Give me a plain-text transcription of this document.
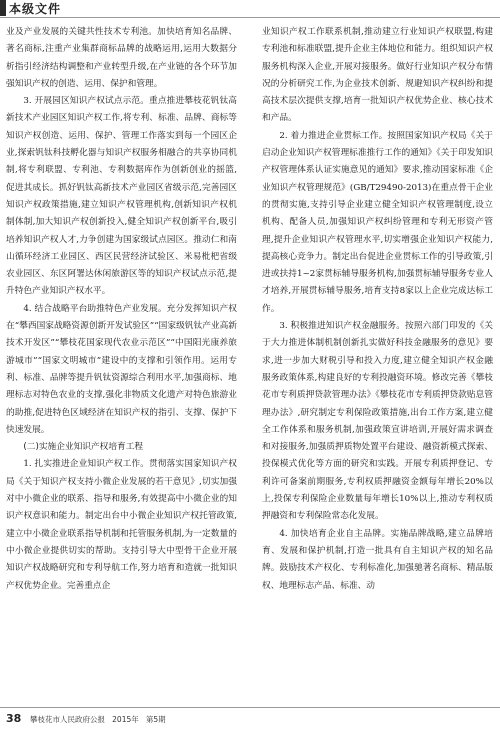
本级文件

业及产业发展的关键共性技术专利池。加快培育知名品牌、著名商标,注重产业集群商标品牌的战略运用,运用大数据分析指引经济结构调整和产业转型升级,在产业链的各个环节加强知识产权的创造、运用、保护和管理。

3. 开展园区知识产权试点示范。重点推进攀枝花钒钛高新技术产业园区知识产权工作,将专利、标准、品牌、商标等知识产权创造、运用、保护、管理工作落实到每一个园区企业,探索钒钛科技孵化器与知识产权服务相融合的共享协同机制,将专利联盟、专利池、专利数据库作为创新创业的摇篮,促进其成长。抓好钒钛高新技术产业园区省级示范,完善园区知识产权政策措施,建立知识产权管理机构,创新知识产权机制体制,加大知识产权创新投入,健全知识产权创新平台,吸引培养知识产权人才,力争创建为国家级试点园区。推动仁和南山循环经济工业园区、西区民营经济试验区、米易枇杷省级农业园区、东区阿署达休闲旅游区等的知识产权试点示范,提升特色产业知识产权水平。

4. 结合战略平台助推特色产业发展。充分发挥知识产权在“攀西国家战略资源创新开发试验区”“国家级钒钛产业高新技术开发区”“攀枝花国家现代农业示范区”“中国阳光康养旅游城市”“国家文明城市”建设中的支撑和引领作用。运用专利、标准、品牌等提升钒钛资源综合利用水平,加强商标、地理标志对特色农业的支撑,强化非物质文化遗产对特色旅游业的助推,促进特色区域经济在知识产权的指引、支撑、保护下快速发展。

(二)实施企业知识产权培育工程

1. 扎实推进企业知识产权工作。贯彻落实国家知识产权局《关于知识产权支持小微企业发展的若干意见》,切实加强对中小微企业的联系、指导和服务,有效提高中小微企业的知识产权意识和能力。制定出台中小微企业知识产权托管政策,建立中小微企业联系指导机制和托管服务机制,为一定数量的中小微企业提供切实的帮助。支持引导大中型骨干企业开展知识产权战略研究和专利导航工作,努力培育和造就一批知识产权优势企业。完善重点企

业知识产权工作联系机制,推动建立行业知识产权联盟,构建专利池和标准联盟,提升企业主体地位和能力。组织知识产权服务机构深入企业,开展对接服务。做好行业知识产权分布情况的分析研究工作,为企业技术创新、规避知识产权纠纷和提高技术层次提供支撑,培育一批知识产权优势企业、核心技术和产品。

2. 着力推进企业贯标工作。按照国家知识产权局《关于启动企业知识产权管理标准推行工作的通知》《关于印发知识产权管理体系认证实施意见的通知》要求,推动国家标准《企业知识产权管理规范》(GB/T29490-2013)在重点骨干企业的贯彻实施,支持引导企业建立健全知识产权管理制度,设立机构、配备人员,加强知识产权纠纷管理和专利无形资产管理,提升企业知识产权管理水平,切实增强企业知识产权能力,提高核心竞争力。制定出台促进企业贯标工作的引导政策,引进或扶持1~2家贯标辅导服务机构,加强贯标辅导服务专业人才培养,开展贯标辅导服务,培育支持8家以上企业完成达标工作。

3. 积极推进知识产权金融服务。按照六部门印发的《关于大力推进体制机制创新扎实做好科技金融服务的意见》要求,进一步加大财税引导和投入力度,建立健全知识产权金融服务政策体系,构建良好的专利投融资环境。修改完善《攀枝花市专利质押贷款管理办法》《攀枝花市专利质押贷款贴息管理办法》,研究制定专利保险政策措施,出台工作方案,建立健全工作体系和服务机制,加强政策宣讲培训,开展好需求调查和对接服务,加强质押质物处置平台建设、融资新模式探索、投保模式优化等方面的研究和实践。开展专利质押登记、专利许可备案前期服务,专利权质押融资金额每年增长20%以上,投保专利保险企业数量每年增长10%以上,推动专利权质押融资和专利保险常态化发展。

4. 加快培育企业自主品牌。实施品牌战略,建立品牌培育、发展和保护机制,打造一批具有自主知识产权的知名品牌。鼓励技术产权化、专利标准化,加强驰著名商标、精品版权、地理标志产品、标准、动

38 攀枝花市人民政府公报   2015年   第5期
